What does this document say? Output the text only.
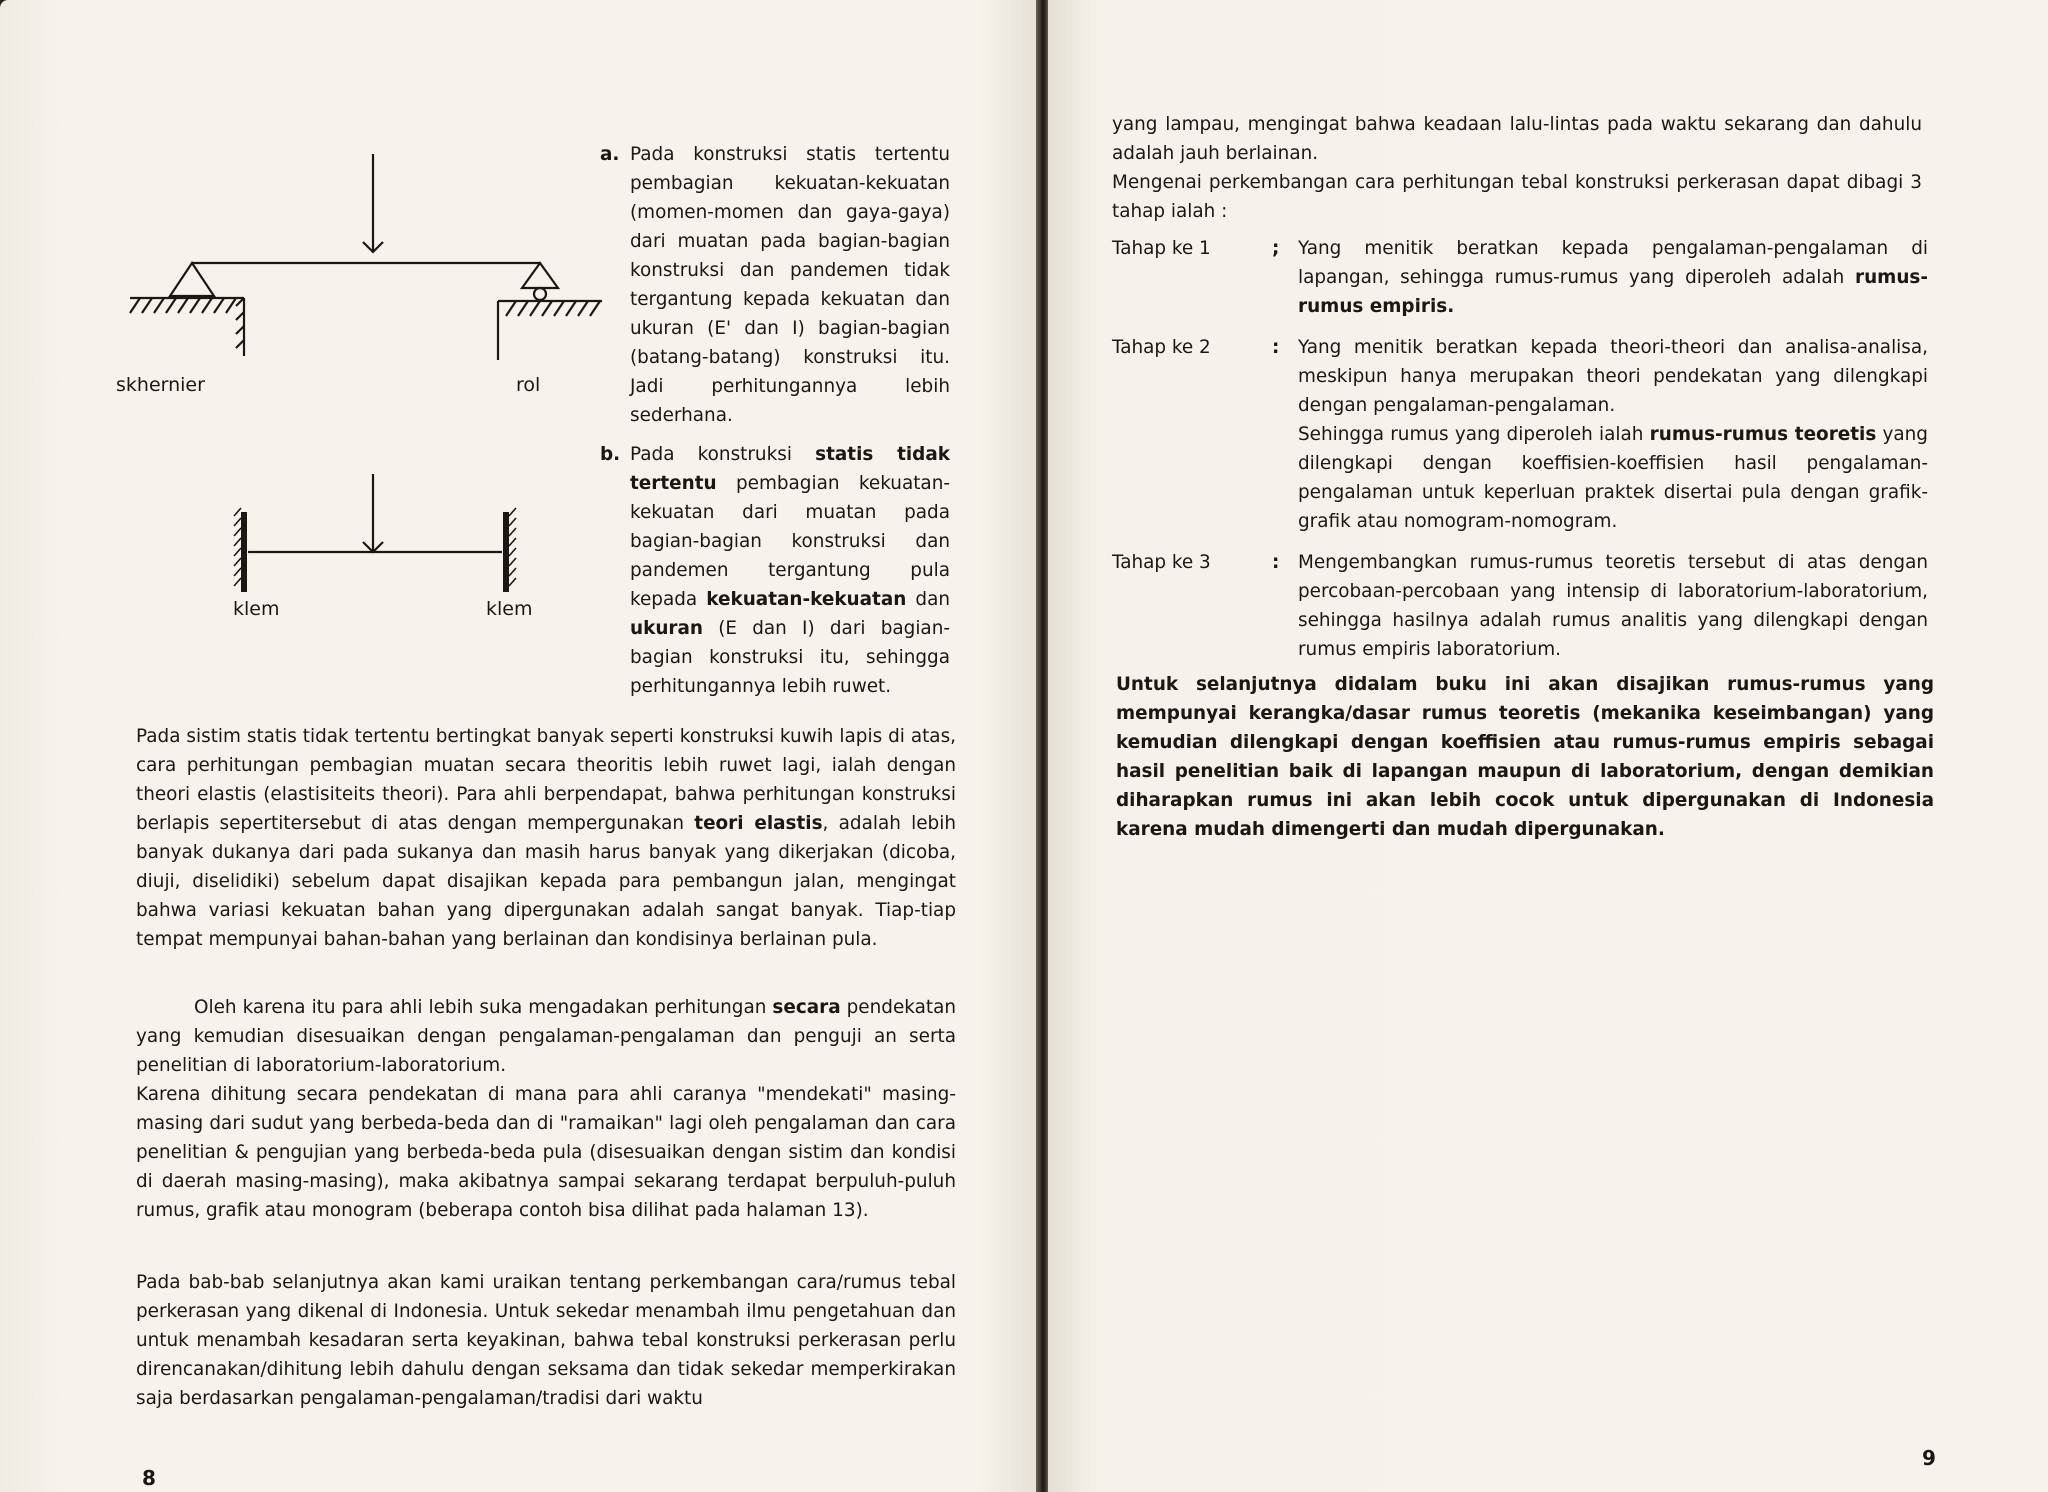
skhernier	rol
klem	klem
a. Pada konstruksi statis tertentu pembagian kekuatan-kekuatan (momen-momen dan gaya-gaya) dari muatan pada bagian-bagian konstruksi dan pandemen tidak tergantung kepada kekuatan dan ukuran (E' dan I) bagian-bagian (batang-batang) konstruksi itu. Jadi perhitungannya lebih sederhana.
b. Pada konstruksi statis tidak tertentu pembagian kekuatan-kekuatan dari muatan pada bagian-bagian konstruksi dan pandemen tergantung pula kepada kekuatan-kekuatan dan ukuran (E dan I) dari bagian-bagian konstruksi itu, sehingga perhitungannya lebih ruwet.

Pada sistim statis tidak tertentu bertingkat banyak seperti konstruksi kuwih lapis di atas, cara perhitungan pembagian muatan secara theoritis lebih ruwet lagi, ialah dengan theori elastis (elastisiteits theori). Para ahli berpendapat, bahwa perhitungan konstruksi berlapis sepertitersebut di atas dengan mempergunakan teori elastis, adalah lebih banyak dukanya dari pada sukanya dan masih harus banyak yang dikerjakan (dicoba, diuji, diselidiki) sebelum dapat disajikan kepada para pembangun jalan, mengingat bahwa variasi kekuatan bahan yang dipergunakan adalah sangat banyak. Tiap-tiap tempat mempunyai bahan-bahan yang berlainan dan kondisinya berlainan pula.

Oleh karena itu para ahli lebih suka mengadakan perhitungan secara pendekatan yang kemudian disesuaikan dengan pengalaman-pengalaman dan penguji an serta penelitian di laboratorium-laboratorium.

Karena dihitung secara pendekatan di mana para ahli caranya "mendekati" masing-masing dari sudut yang berbeda-beda dan di "ramaikan" lagi oleh pengalaman dan cara penelitian & pengujian yang berbeda-beda pula (disesuaikan dengan sistim dan kondisi di daerah masing-masing), maka akibatnya sampai sekarang terdapat berpuluh-puluh rumus, grafik atau monogram (beberapa contoh bisa dilihat pada halaman 13).

Pada bab-bab selanjutnya akan kami uraikan tentang perkembangan cara/rumus tebal perkerasan yang dikenal di Indonesia. Untuk sekedar menambah ilmu pengetahuan dan untuk menambah kesadaran serta keyakinan, bahwa tebal konstruksi perkerasan perlu direncanakan/dihitung lebih dahulu dengan seksama dan tidak sekedar memperkirakan saja berdasarkan pengalaman-pengalaman/tradisi dari waktu

8

yang lampau, mengingat bahwa keadaan lalu-lintas pada waktu sekarang dan dahulu adalah jauh berlainan.

Mengenai perkembangan cara perhitungan tebal konstruksi perkerasan dapat dibagi 3 tahap ialah :

Tahap ke 1	;	Yang menitik beratkan kepada pengalaman-pengalaman di lapangan, sehingga rumus-rumus yang diperoleh adalah rumus-rumus empiris.
Tahap ke 2	:	Yang menitik beratkan kepada theori-theori dan analisa-analisa, meskipun hanya merupakan theori pendekatan yang dilengkapi dengan pengalaman-pengalaman.
Sehingga rumus yang diperoleh ialah rumus-rumus teoretis yang dilengkapi dengan koeffisien-koeffisien hasil pengalaman-pengalaman untuk keperluan praktek disertai pula dengan grafik-grafik atau nomogram-nomogram.
Tahap ke 3	:	Mengembangkan rumus-rumus teoretis tersebut di atas dengan percobaan-percobaan yang intensip di laboratorium-laboratorium, sehingga hasilnya adalah rumus analitis yang dilengkapi dengan rumus empiris laboratorium.

Untuk selanjutnya didalam buku ini akan disajikan rumus-rumus yang mempunyai kerangka/dasar rumus teoretis (mekanika keseimbangan) yang kemudian dilengkapi dengan koeffisien atau rumus-rumus empiris sebagai hasil penelitian baik di lapangan maupun di laboratorium, dengan demikian diharapkan rumus ini akan lebih cocok untuk dipergunakan di Indonesia karena mudah dimengerti dan mudah dipergunakan.

9
